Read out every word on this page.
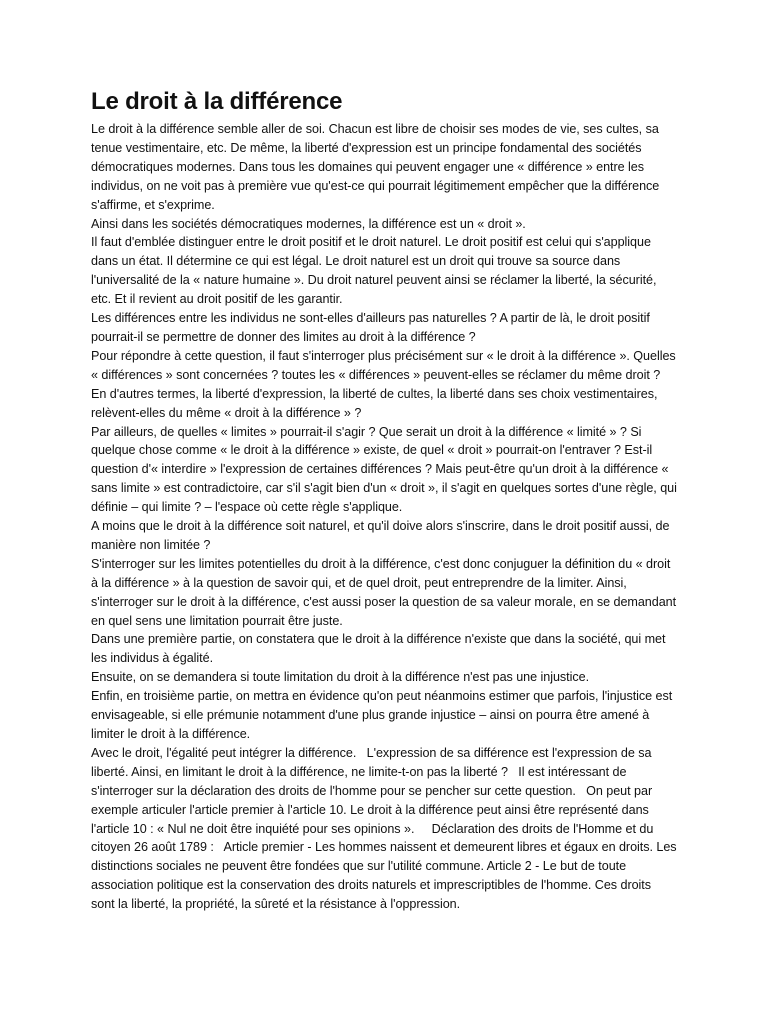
Le droit à la différence

Le droit à la différence semble aller de soi. Chacun est libre de choisir ses modes de vie, ses cultes, sa tenue vestimentaire, etc. De même, la liberté d'expression est un principe fondamental des sociétés démocratiques modernes. Dans tous les domaines qui peuvent engager une « différence » entre les individus, on ne voit pas à première vue qu'est-ce qui pourrait légitimement empêcher que la différence s'affirme, et s'exprime.

Ainsi dans les sociétés démocratiques modernes, la différence est un « droit ».

Il faut d'emblée distinguer entre le droit positif et le droit naturel. Le droit positif est celui qui s'applique dans un état. Il détermine ce qui est légal. Le droit naturel est un droit qui trouve sa source dans l'universalité de la « nature humaine ». Du droit naturel peuvent ainsi se réclamer la liberté, la sécurité, etc. Et il revient au droit positif de les garantir.

Les différences entre les individus ne sont-elles d'ailleurs pas naturelles ? A partir de là, le droit positif pourrait-il se permettre de donner des limites au droit à la différence ?

Pour répondre à cette question, il faut s'interroger plus précisément sur « le droit à la différence ». Quelles « différences » sont concernées ? toutes les « différences » peuvent-elles se réclamer du même droit ? En d'autres termes, la liberté d'expression, la liberté de cultes, la liberté dans ses choix vestimentaires, relèvent-elles du même « droit à la différence » ?

Par ailleurs, de quelles « limites » pourrait-il s'agir ? Que serait un droit à la différence « limité » ? Si quelque chose comme « le droit à la différence » existe, de quel « droit » pourrait-on l'entraver ? Est-il question d'« interdire » l'expression de certaines différences ? Mais peut-être qu'un droit à la différence « sans limite » est contradictoire, car s'il s'agit bien d'un « droit », il s'agit en quelques sortes d'une règle, qui définie – qui limite ? – l'espace où cette règle s'applique.

A moins que le droit à la différence soit naturel, et qu'il doive alors s'inscrire, dans le droit positif aussi, de manière non limitée ?

S'interroger sur les limites potentielles du droit à la différence, c'est donc conjuguer la définition du « droit à la différence » à la question de savoir qui, et de quel droit, peut entreprendre de la limiter. Ainsi, s'interroger sur le droit à la différence, c'est aussi poser la question de sa valeur morale, en se demandant en quel sens une limitation pourrait être juste.

Dans une première partie, on constatera que le droit à la différence n'existe que dans la société, qui met les individus à égalité.

Ensuite, on se demandera si toute limitation du droit à la différence n'est pas une injustice.

Enfin, en troisième partie, on mettra en évidence qu'on peut néanmoins estimer que parfois, l'injustice est envisageable, si elle prémunie notamment d'une plus grande injustice – ainsi on pourra être amené à limiter le droit à la différence.

Avec le droit, l'égalité peut intégrer la différence.   L'expression de sa différence est l'expression de sa liberté. Ainsi, en limitant le droit à la différence, ne limite-t-on pas la liberté ?   Il est intéressant de s'interroger sur la déclaration des droits de l'homme pour se pencher sur cette question.   On peut par exemple articuler l'article premier à l'article 10. Le droit à la différence peut ainsi être représenté dans l'article 10 : « Nul ne doit être inquiété pour ses opinions ».     Déclaration des droits de l'Homme et du citoyen 26 août 1789 :   Article premier - Les hommes naissent et demeurent libres et égaux en droits. Les distinctions sociales ne peuvent être fondées que sur l'utilité commune. Article 2 - Le but de toute association politique est la conservation des droits naturels et imprescriptibles de l'homme. Ces droits sont la liberté, la propriété, la sûreté et la résistance à l'oppression.
